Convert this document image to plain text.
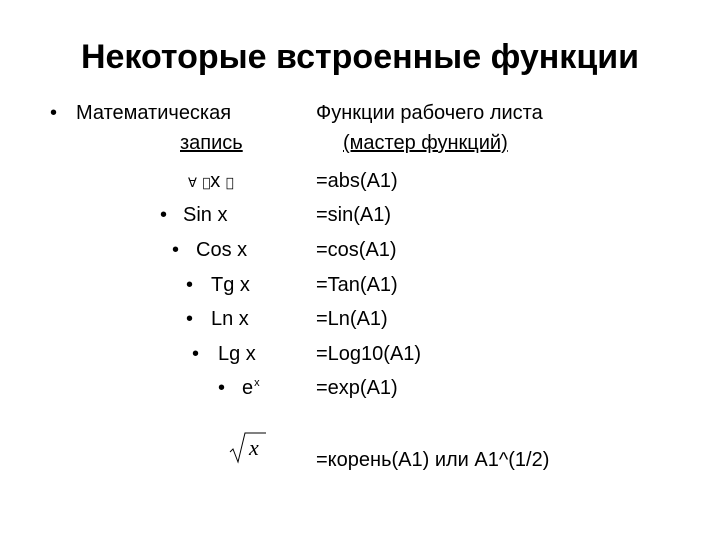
Некоторые встроенные функции
• Математическая
запись
∀ x
• Sin x
• Cos x
• Tg x
• Ln x
• Lg x
• $e^x$
x
Функции рабочего листа
(мастер функций)
=abs(A1)
=sin(A1)
=cos(A1)
=Tan(A1)
=Ln(A1)
=Log10(A1)
=exp(A1)
=корень(A1) или A1^(1/2)
